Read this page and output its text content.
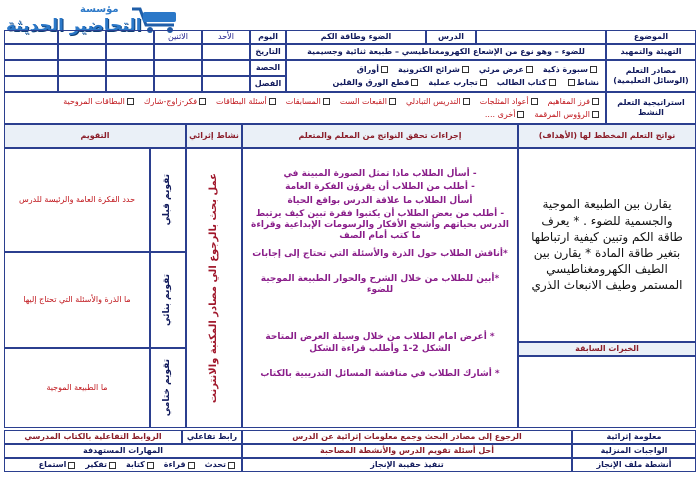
مؤسسة
التحاضير الحديثة
الموضوع
الدرس
الضوء وطاقة الكم
اليوم
الأحد
الاثنين
التهيئة والتمهيد
للضوء – وهو نوع من الإشعاع الكهرومغناطيسي – طبيعة ثنائية وجسيمية
التاريخ
مصادر التعلم (الوسائل التعليمية)
سبورة ذكية
عرض مرئي
شرائح الكترونية
أوراق
نشاط
كتاب الطالب
تجارب عملية
قطع الورق والقلين
الحصة
الفصل
استراتيجية التعلم النشط
فرز المفاهيم
أعواد المثلجات
التدريس التبادلي
القبعات الست
المسابقات
أسئلة البطاقات
فكر-زاوج-شارك
البطاقات المروحية
الرؤوس المرقمة
أخرى ....
نواتج التعلم المخطط لها (الأهداف)
إجراءات تحقق النواتج من المعلم والمتعلم
نشاط إثرائي
التقويم
يقارن بين الطبيعة الموجية والجسمية للضوء . * يعرف طاقة الكم وتبين كيفية ارتباطها بتغير طاقة المادة * يقارن بين الطيف الكهرومغناطيسي المستمر وطيف الانبعاث الذري
الخبرات السابقة
- أسأل الطلاب ماذا تمثل الصورة المبينة في
- أطلب من الطلاب أن يقرؤن الفكرة العامة
أسأل الطلاب ما علاقة الدرس بواقع الحياة
- أطلب من بعض الطلاب أن يكتبوا فقرة تبين كيف يرتبط الدرس بحياتهم وأشجع الأفكار والرسومات الإبداعية وقراءة ما كتب أمام الصف
*أناقش الطلاب حول الذرة والأسئلة التي تحتاج إلى إجابات
*أبين للطلاب من خلال الشرح والحوار الطبيعة الموجية للضوء
* أعرض امام الطلاب من خلال وسيلة العرض المتاحة الشكل 2-1 وأطلب قراءة الشكل
* أشارك الطلاب في مناقشة المسائل التدريبية بالكتاب
عمل بحث بالرجوع الي مصادر المكتبة والانترنت
تقويم قبلي
حدد الفكرة العامة والرئيسة للدرس
تقويم بنائي
ما الذرة والأسئلة التي تحتاج إليها
تقويم ختامي
ما الطبيعة الموجية
معلومة إثرائية
الرجوع إلى مصادر البحث وجمع معلومات إثرائية عن الدرس
رابط تفاعلي
الروابط التفاعلية بالكتاب المدرسي
الواجبات المنزلية
أحل أسئلة تقويم الدرس والأنشطة المصاحبة
المهارات المستهدفة
أنشطة ملف الإنجاز
تنفيذ حقيبة الإنجاز
تحدث
قراءة
كتابة
تفكير
استماع
